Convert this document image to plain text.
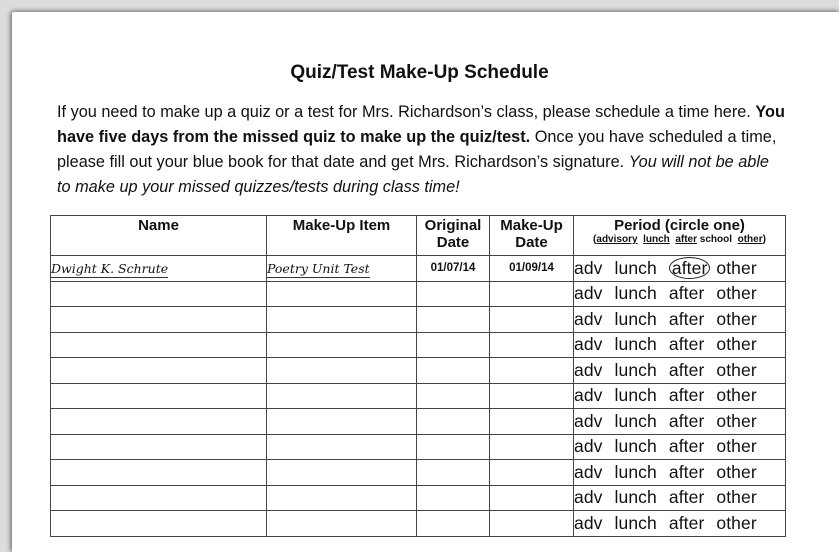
Quiz/Test Make-Up Schedule
If you need to make up a quiz or a test for Mrs. Richardson’s class, please schedule a time here. You have five days from the missed quiz to make up the quiz/test. Once you have scheduled a time, please fill out your blue book for that date and get Mrs. Richardson’s signature. You will not be able to make up your missed quizzes/tests during class time!
Name	Make-Up Item	Original Date	Make-Up Date	Period (circle one)
(advisory lunch after school  other)

Dwight K. Schrute	Poetry Unit Test	01/07/14	01/09/14	adv lunch after other
				adv lunch after other
				adv lunch after other
				adv lunch after other
				adv lunch after other
				adv lunch after other
				adv lunch after other
				adv lunch after other
				adv lunch after other
				adv lunch after other
				adv lunch after other
